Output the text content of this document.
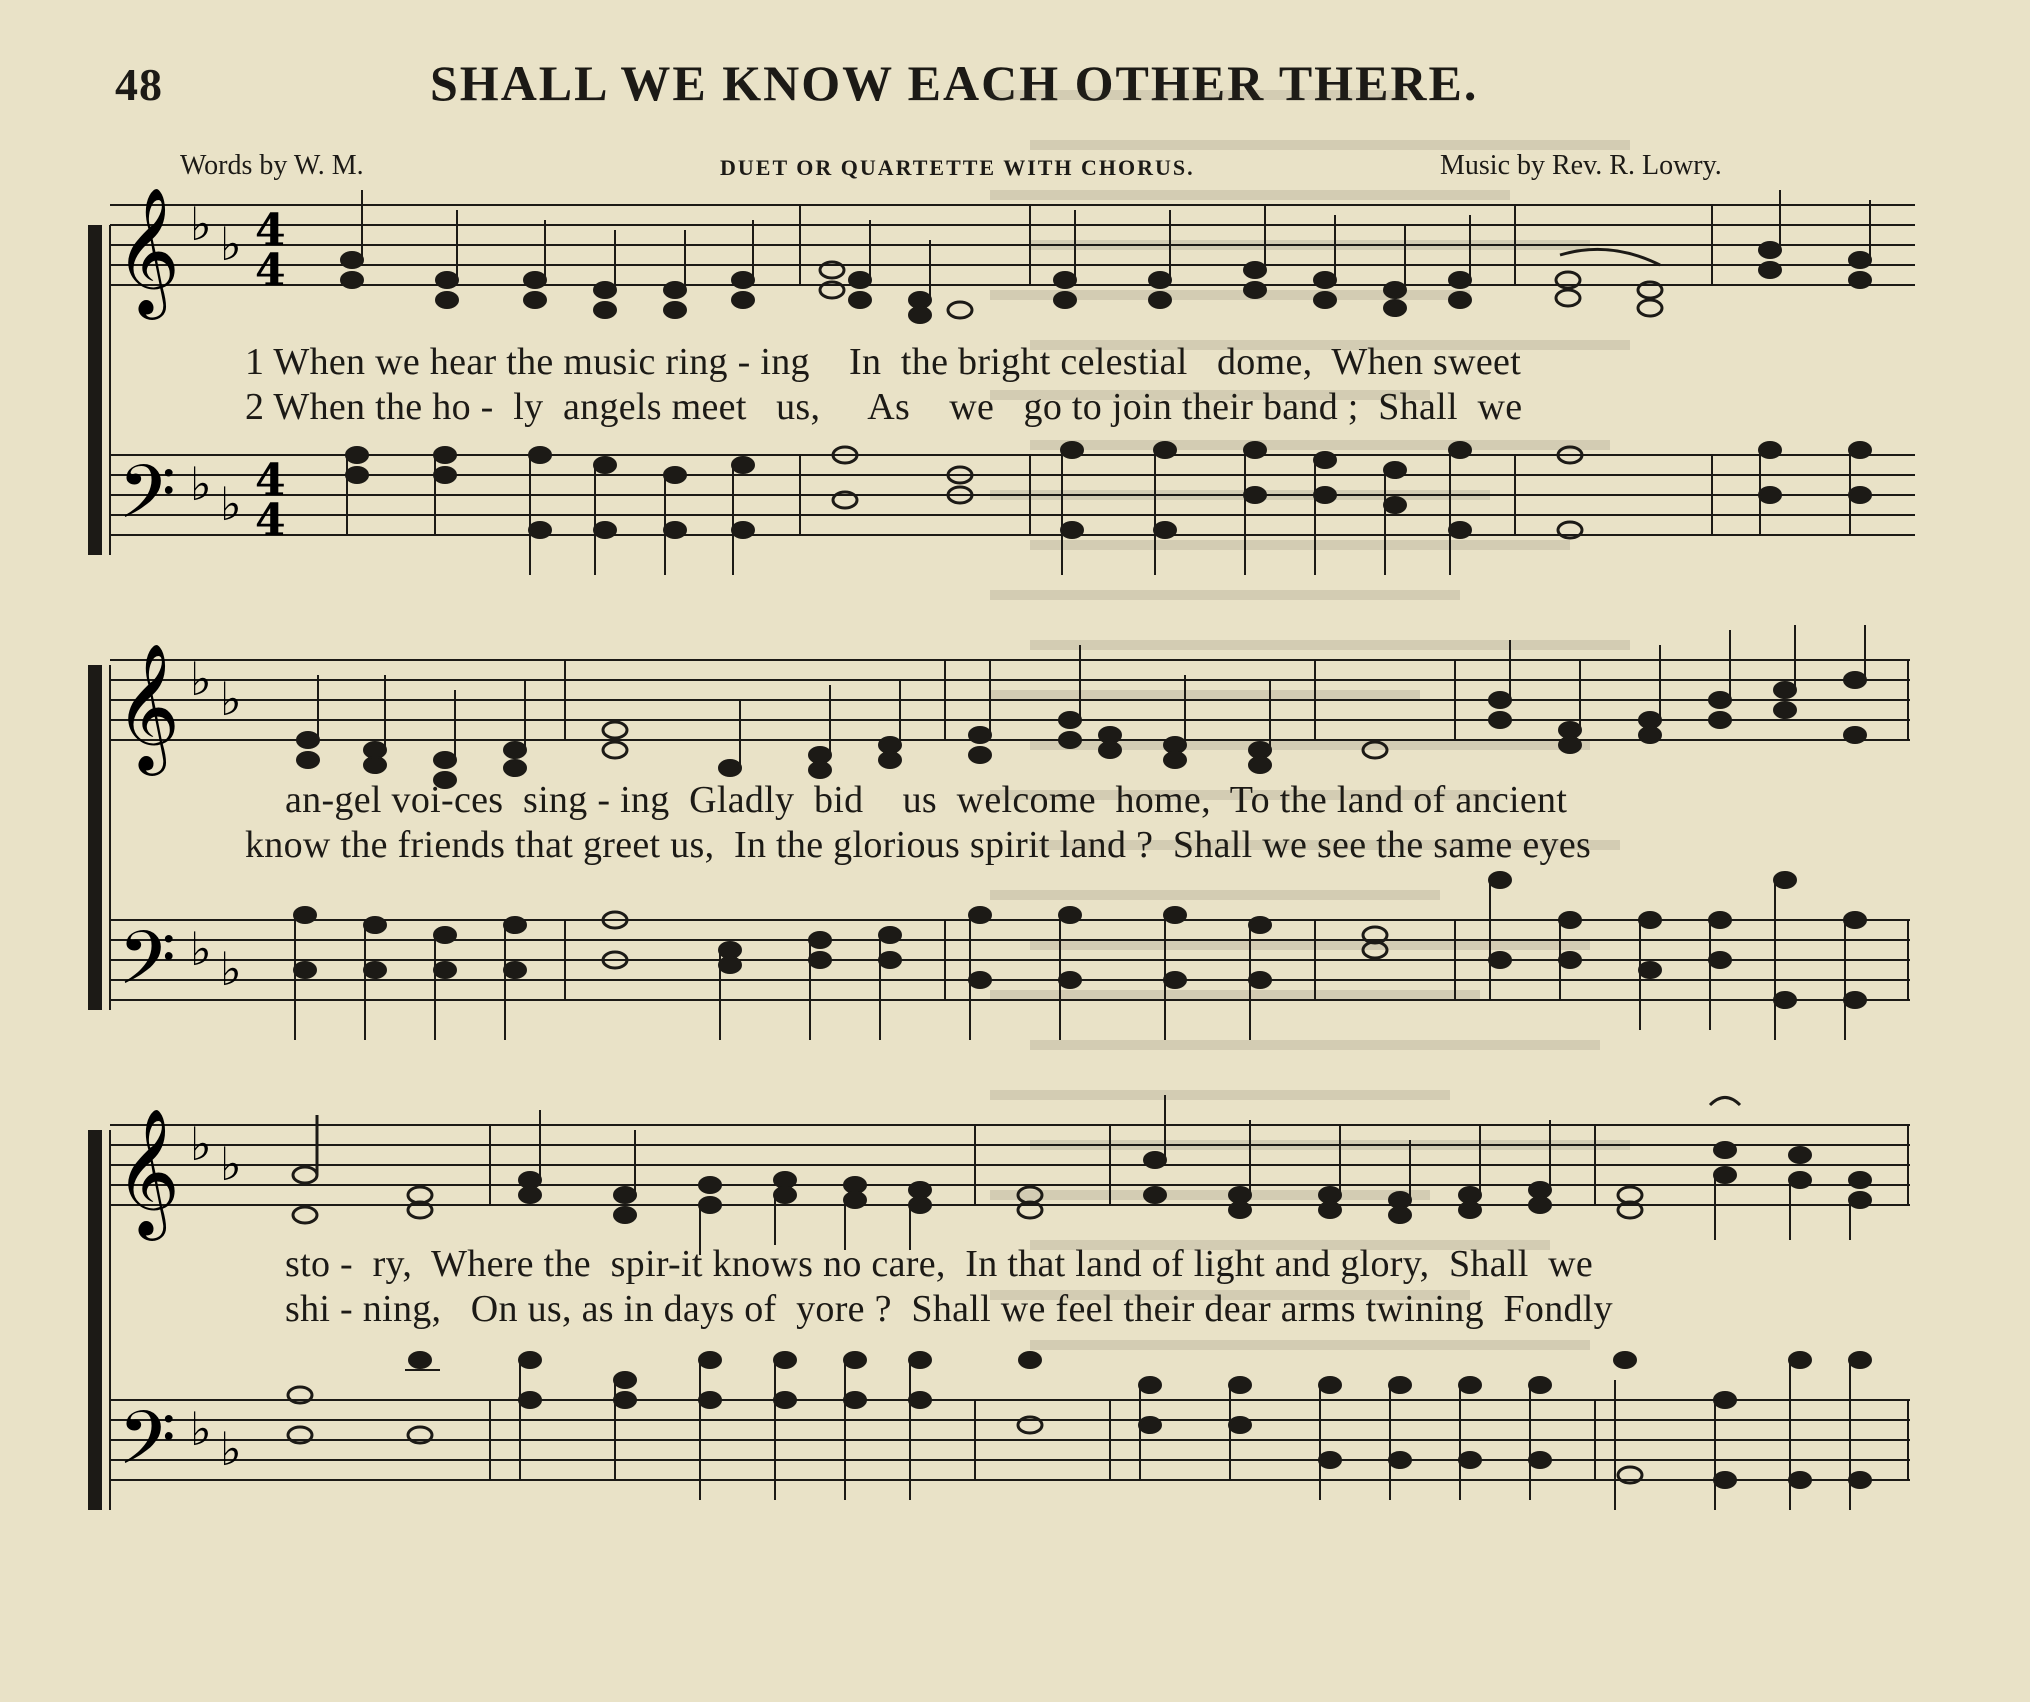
48	SHALL WE KNOW EACH OTHER THERE.
Words by W. M.	DUET OR QUARTETTE WITH CHORUS.	Music by Rev. R. Lowry.
𝄞
𝄢
♭ ♭
♭ ♭
4
4
4
4
1 When we hear the music ring - ing    In  the bright celestial   dome,  When sweet
2 When the ho -  ly  angels meet   us,     As    we   go to join their band ;  Shall  we
𝄞
𝄢
♭ ♭
♭ ♭
an-gel voi-ces  sing - ing  Gladly  bid    us  welcome  home,  To the land of ancient
know the friends that greet us,  In the glorious spirit land ?  Shall we see the same eyes
𝄞
𝄢
♭ ♭
♭ ♭
sto -  ry,  Where the  spir-it knows no care,  In that land of light and glory,  Shall  we
shi - ning,   On us, as in days of  yore ?  Shall we feel their dear arms twining  Fondly
